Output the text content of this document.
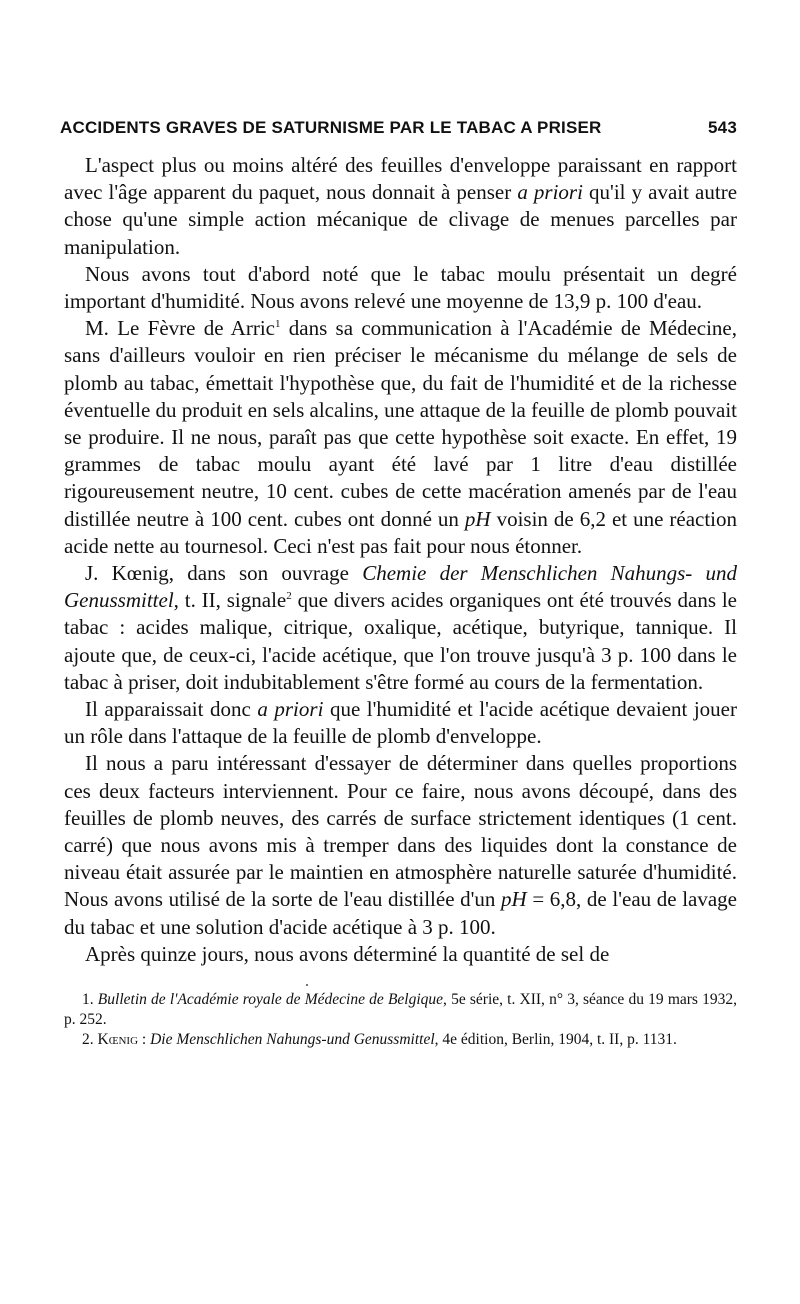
ACCIDENTS GRAVES DE SATURNISME PAR LE TABAC A PRISER	543

L'aspect plus ou moins altéré des feuilles d'enveloppe paraissant en rapport avec l'âge apparent du paquet, nous donnait à penser a priori qu'il y avait autre chose qu'une simple action mécanique de clivage de menues parcelles par manipulation.

Nous avons tout d'abord noté que le tabac moulu présentait un degré important d'humidité. Nous avons relevé une moyenne de 13,9 p. 100 d'eau.

M. Le Fèvre de Arric$^1$ dans sa communication à l'Académie de Médecine, sans d'ailleurs vouloir en rien préciser le mécanisme du mélange de sels de plomb au tabac, émettait l'hypothèse que, du fait de l'humidité et de la richesse éventuelle du produit en sels alcalins, une attaque de la feuille de plomb pouvait se produire. Il ne nous, paraît pas que cette hypothèse soit exacte. En effet, 19 grammes de tabac moulu ayant été lavé par 1 litre d'eau distillée rigoureusement neutre, 10 cent. cubes de cette macération amenés par de l'eau distillée neutre à 100 cent. cubes ont donné un pH voisin de 6,2 et une réaction acide nette au tournesol. Ceci n'est pas fait pour nous étonner.

J. Kœnig, dans son ouvrage Chemie der Menschlichen Nahungs- und Genussmittel, t. II, signale$^2$ que divers acides organiques ont été trouvés dans le tabac : acides malique, citrique, oxalique, acétique, butyrique, tannique. Il ajoute que, de ceux-ci, l'acide acétique, que l'on trouve jusqu'à 3 p. 100 dans le tabac à priser, doit indubitablement s'être formé au cours de la fermentation.

Il apparaissait donc a priori que l'humidité et l'acide acétique devaient jouer un rôle dans l'attaque de la feuille de plomb d'enveloppe.

Il nous a paru intéressant d'essayer de déterminer dans quelles proportions ces deux facteurs interviennent. Pour ce faire, nous avons découpé, dans des feuilles de plomb neuves, des carrés de surface strictement identiques (1 cent. carré) que nous avons mis à tremper dans des liquides dont la constance de niveau était assurée par le maintien en atmosphère naturelle saturée d'humidité. Nous avons utilisé de la sorte de l'eau distillée d'un pH = 6,8, de l'eau de lavage du tabac et une solution d'acide acétique à 3 p. 100.

Après quinze jours, nous avons déterminé la quantité de sel de

1. Bulletin de l'Académie royale de Médecine de Belgique, 5e série, t. XII, n° 3, séance du 19 mars 1932, p. 252.

2. Kœnig : Die Menschlichen Nahungs-und Genussmittel, 4e édition, Berlin, 1904, t. II, p. 1131.
